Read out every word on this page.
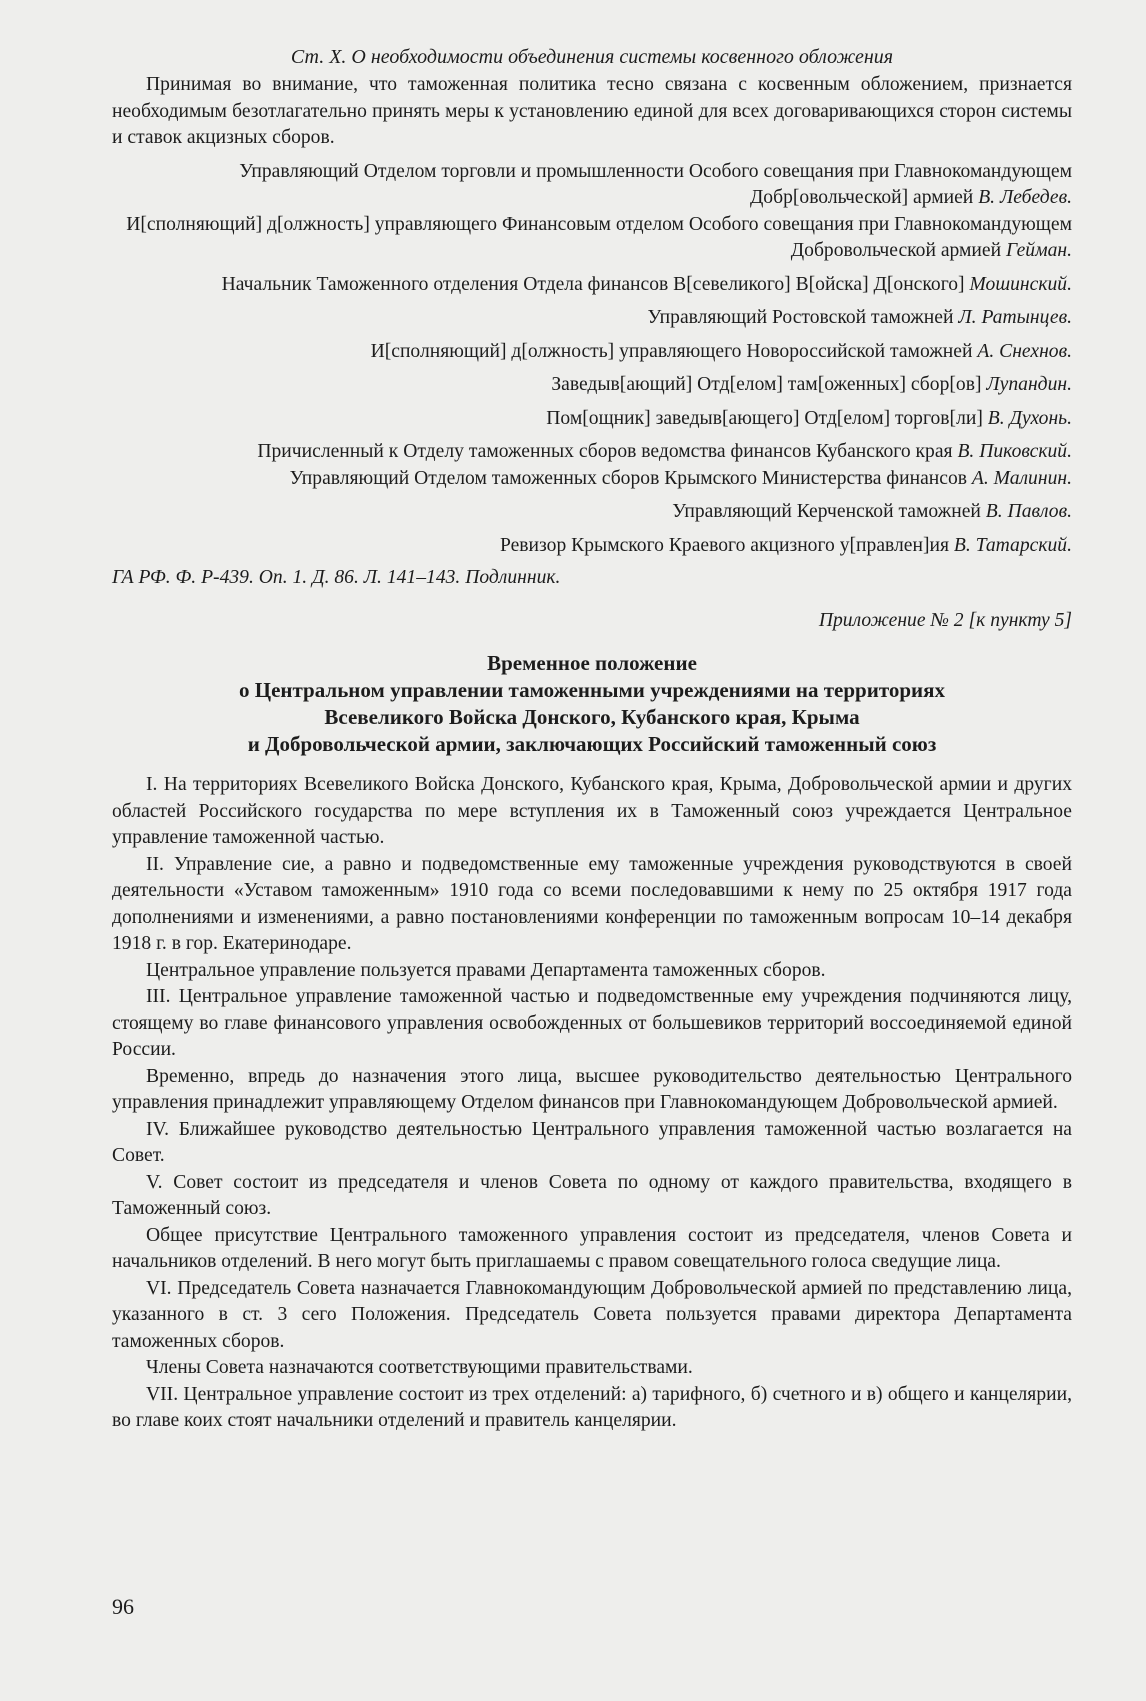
Ст. X. О необходимости объединения системы косвенного обложения

Принимая во внимание, что таможенная политика тесно связана с косвенным обложением, признается необходимым безотлагательно принять меры к установлению единой для всех договаривающихся сторон системы и ставок акцизных сборов.

Управляющий Отделом торговли и промышленности Особого совещания при Главнокомандующем Добр[овольческой] армией В. Лебедев.

И[сполняющий] д[олжность] управляющего Финансовым отделом Особого совещания при Главнокомандующем Добровольческой армией Гейман.

Начальник Таможенного отделения Отдела финансов В[севеликого] В[ойска] Д[онского] Мошинский.

Управляющий Ростовской таможней Л. Ратынцев.

И[сполняющий] д[олжность] управляющего Новороссийской таможней А. Снехнов.

Заведыв[ающий] Отд[елом] там[оженных] сбор[ов] Лупандин.

Пом[ощник] заведыв[ающего] Отд[елом] торгов[ли] В. Духонь.

Причисленный к Отделу таможенных сборов ведомства финансов Кубанского края В. Пиковский.

Управляющий Отделом таможенных сборов Крымского Министерства финансов А. Малинин.

Управляющий Керченской таможней В. Павлов.

Ревизор Крымского Краевого акцизного у[правлен]ия В. Татарский.

ГА РФ. Ф. Р-439. Оп. 1. Д. 86. Л. 141–143. Подлинник.

Приложение № 2 [к пункту 5]

Временное положение
о Центральном управлении таможенными учреждениями на территориях
Всевеликого Войска Донского, Кубанского края, Крыма
и Добровольческой армии, заключающих Российский таможенный союз

I. На территориях Всевеликого Войска Донского, Кубанского края, Крыма, Добровольческой армии и других областей Российского государства по мере вступления их в Таможенный союз учреждается Центральное управление таможенной частью.

II. Управление сие, а равно и подведомственные ему таможенные учреждения руководствуются в своей деятельности «Уставом таможенным» 1910 года со всеми последовавшими к нему по 25 октября 1917 года дополнениями и изменениями, а равно постановлениями конференции по таможенным вопросам 10–14 декабря 1918 г. в гор. Екатеринодаре.

Центральное управление пользуется правами Департамента таможенных сборов.

III. Центральное управление таможенной частью и подведомственные ему учреждения подчиняются лицу, стоящему во главе финансового управления освобожденных от большевиков территорий воссоединяемой единой России.

Временно, впредь до назначения этого лица, высшее руководительство деятельностью Центрального управления принадлежит управляющему Отделом финансов при Главнокомандующем Добровольческой армией.

IV. Ближайшее руководство деятельностью Центрального управления таможенной частью возлагается на Совет.

V. Совет состоит из председателя и членов Совета по одному от каждого правительства, входящего в Таможенный союз.

Общее присутствие Центрального таможенного управления состоит из председателя, членов Совета и начальников отделений. В него могут быть приглашаемы с правом совещательного голоса сведущие лица.

VI. Председатель Совета назначается Главнокомандующим Добровольческой армией по представлению лица, указанного в ст. 3 сего Положения. Председатель Совета пользуется правами директора Департамента таможенных сборов.

Члены Совета назначаются соответствующими правительствами.

VII. Центральное управление состоит из трех отделений: а) тарифного, б) счетного и в) общего и канцелярии, во главе коих стоят начальники отделений и правитель канцелярии.

96
